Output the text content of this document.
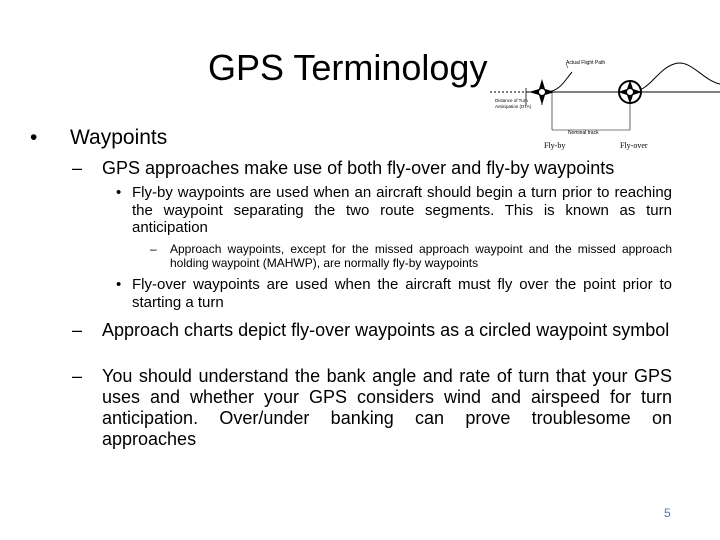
GPS Terminology	Actual Flight Path
Distance of Turn
Anticipation (DTA)
Nominal track
Fly-by	Fly-over
• Waypoints
– GPS approaches make use of both fly-over and fly-by waypoints
• Fly-by waypoints are used when an aircraft should begin a turn prior to reaching the waypoint separating the two route segments. This is known as turn anticipation
– Approach waypoints, except for the missed approach waypoint and the missed approach holding waypoint (MAHWP), are normally fly-by waypoints
• Fly-over waypoints are used when the aircraft must fly over the point prior to starting a turn
– Approach charts depict fly-over waypoints as a circled waypoint symbol
– You should understand the bank angle and rate of turn that your GPS uses and whether your GPS considers wind and airspeed for turn anticipation. Over/under banking can prove troublesome on approaches
5
